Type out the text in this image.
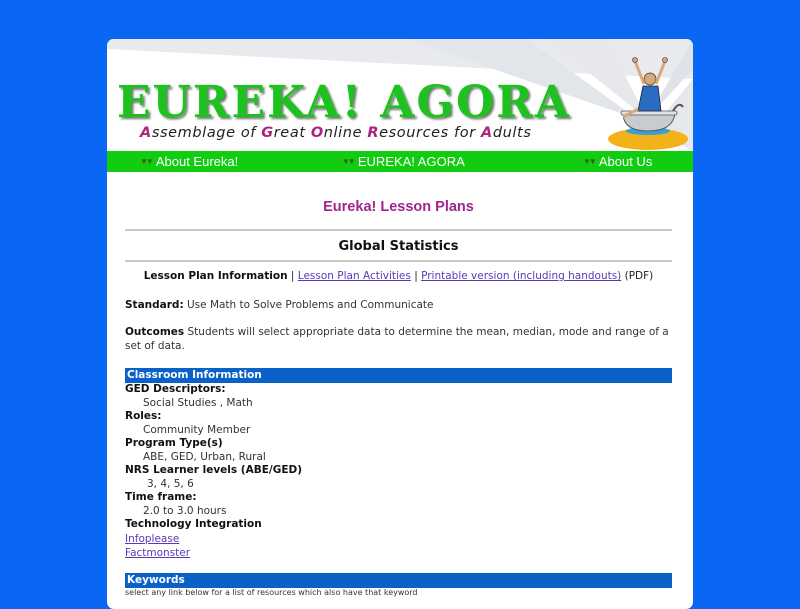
EUREKA! AGORA
Assemblage of Great Online Resources for Adults
▼▼ About Eureka!	▼▼ EUREKA! AGORA	▼▼ About Us
Eureka! Lesson Plans
Global Statistics
Lesson Plan Information | Lesson Plan Activities | Printable version (including handouts) (PDF)
Standard: Use Math to Solve Problems and Communicate
Outcomes Students will select appropriate data to determine the mean, median, mode and range of a set of data.
Classroom Information
GED Descriptors:
Social Studies , Math
Roles:
Community Member
Program Type(s)
ABE, GED, Urban, Rural
NRS Learner levels (ABE/GED)
3, 4, 5, 6
Time frame:
2.0 to 3.0 hours
Technology Integration
Infoplease
Factmonster
Keywords
select any link below for a list of resources which also have that keyword
